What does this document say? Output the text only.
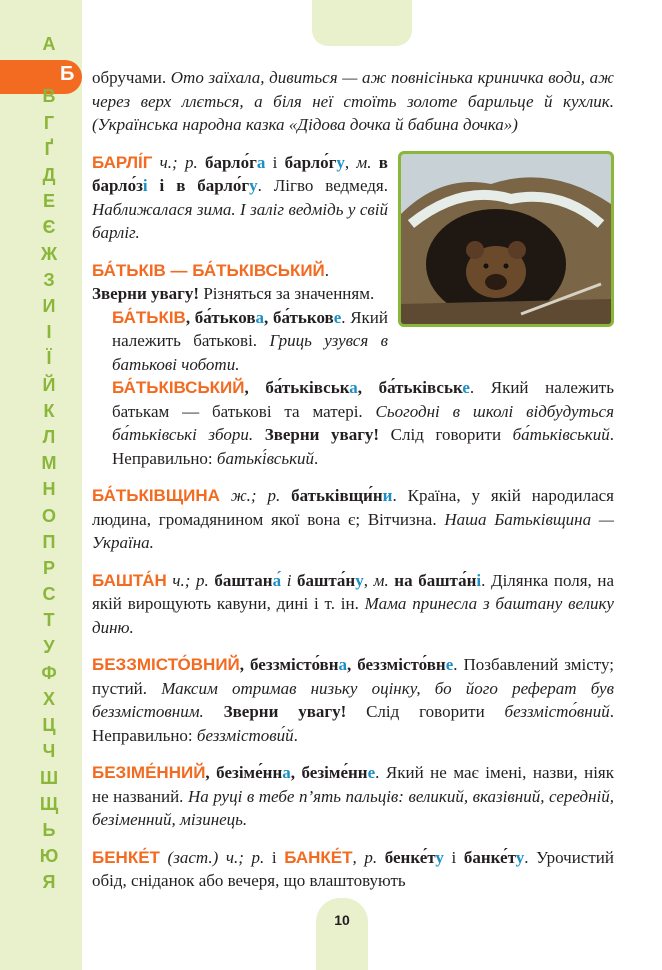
А
В
Г
Ґ
Д
Е
Є
Ж
З
И
І
Ї
Й
К
Л
М
Н
О
П
Р
С
Т
У
Ф
Х
Ц
Ч
Ш
Щ
Ь
Ю
Я
Б обручами. Ото заїхала, дивиться — аж повнісінька криничка води, аж через верх ллється, а біля неї стоїть золоте барильце й кухлик. (Українська народна казка «Дідова дочка й бабина дочка»)

БАРЛІ́Г ч.; р. барло́га і барло́гу, м. в барло́зі і в барло́гу. Лігво ведмедя. Наближалася зима. І заліг ведмідь у свій барліг.

БА́ТЬКІВ — БА́ТЬКІВСЬКИЙ.
Зверни увагу! Різняться за значенням.

БА́ТЬКІВ, ба́тькова, ба́тькове. Який належить батькові. Гриць узувся в батькові чоботи.

БА́ТЬКІВСЬКИЙ, ба́тьківська, ба́тьківське. Який належить батькам — батькові та матері. Сьогодні в школі відбудуться ба́тьківські збори. Зверни увагу! Слід говорити ба́тьківський. Неправильно: батькі́вський.

БА́ТЬКІВЩИНА ж.; р. батьківщи́ни. Країна, у якій народилася людина, громадянином якої вона є; Вітчизна. Наша Батьківщина — Україна.

БАШТА́Н ч.; р. баштана́ і башта́ну, м. на башта́ні. Ділянка поля, на якій вирощують кавуни, дині і т. ін. Мама принесла з баштану велику диню.

БЕЗЗМІСТО́ВНИЙ, беззмісто́вна, беззмісто́вне. Позбавлений змісту; пустий. Максим отримав низьку оцінку, бо його реферат був беззмістовним. Зверни увагу! Слід говорити беззмісто́вний. Неправильно: беззмістови́й.

БЕЗІМЕ́ННИЙ, безіме́нна, безіме́нне. Який не має імені, назви, ніяк не названий. На руці в тебе п’ять пальців: великий, вказівний, середній, безіменний, мізинець.

БЕНКЕ́Т (заст.) ч.; р. і БАНКЕ́Т, р. бенке́ту і банке́ту. Урочистий обід, сніданок або вечеря, що влаштовують

10
